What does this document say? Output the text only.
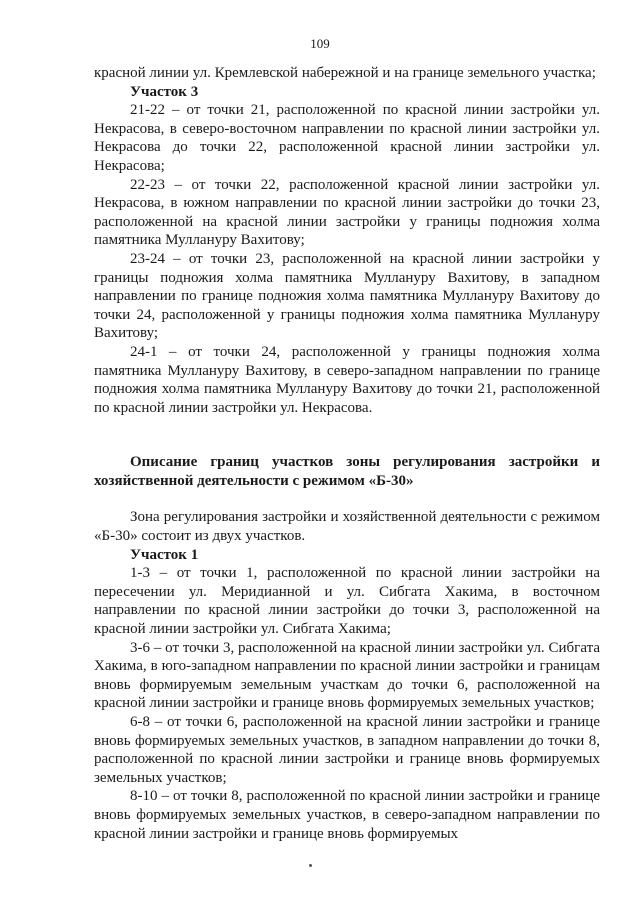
109

красной линии ул. Кремлевской набережной и на границе земельного участка;

Участок 3

21-22 – от точки 21, расположенной по красной линии застройки ул. Некрасова, в северо-восточном направлении по красной линии застройки ул. Некрасова до точки 22, расположенной красной линии застройки ул. Некрасова;

22-23 – от точки 22, расположенной красной линии застройки ул. Некрасова, в южном направлении по красной линии застройки до точки 23, расположенной на красной линии застройки у границы подножия холма памятника Муллануру Вахитову;

23-24 – от точки 23, расположенной на красной линии застройки у границы подножия холма памятника Муллануру Вахитову, в западном направлении по границе подножия холма памятника Муллануру Вахитову до точки 24, расположенной у границы подножия холма памятника Муллануру Вахитову;

24-1 – от точки 24, расположенной у границы подножия холма памятника Муллануру Вахитову, в северо-западном направлении по границе подножия холма памятника Муллануру Вахитову до точки 21, расположенной по красной линии застройки ул. Некрасова.

Описание границ участков зоны регулирования застройки и хозяйственной деятельности с режимом «Б-30»

Зона регулирования застройки и хозяйственной деятельности с режимом «Б-30» состоит из двух участков.

Участок 1

1-3 – от точки 1, расположенной по красной линии застройки на пересечении ул. Меридианной и ул. Сибгата Хакима, в восточном направлении по красной линии застройки до точки 3, расположенной на красной линии застройки ул. Сибгата Хакима;

3-6 – от точки 3, расположенной на красной линии застройки ул. Сибгата Хакима, в юго-западном направлении по красной линии застройки и границам вновь формируемым земельным участкам до точки 6, расположенной на красной линии застройки и границе вновь формируемых земельных участков;

6-8 – от точки 6, расположенной на красной линии застройки и границе вновь формируемых земельных участков, в западном направлении до точки 8, расположенной по красной линии застройки и границе вновь формируемых земельных участков;

8-10 – от точки 8, расположенной по красной линии застройки и границе вновь формируемых земельных участков, в северо-западном направлении по красной линии застройки и границе вновь формируемых
